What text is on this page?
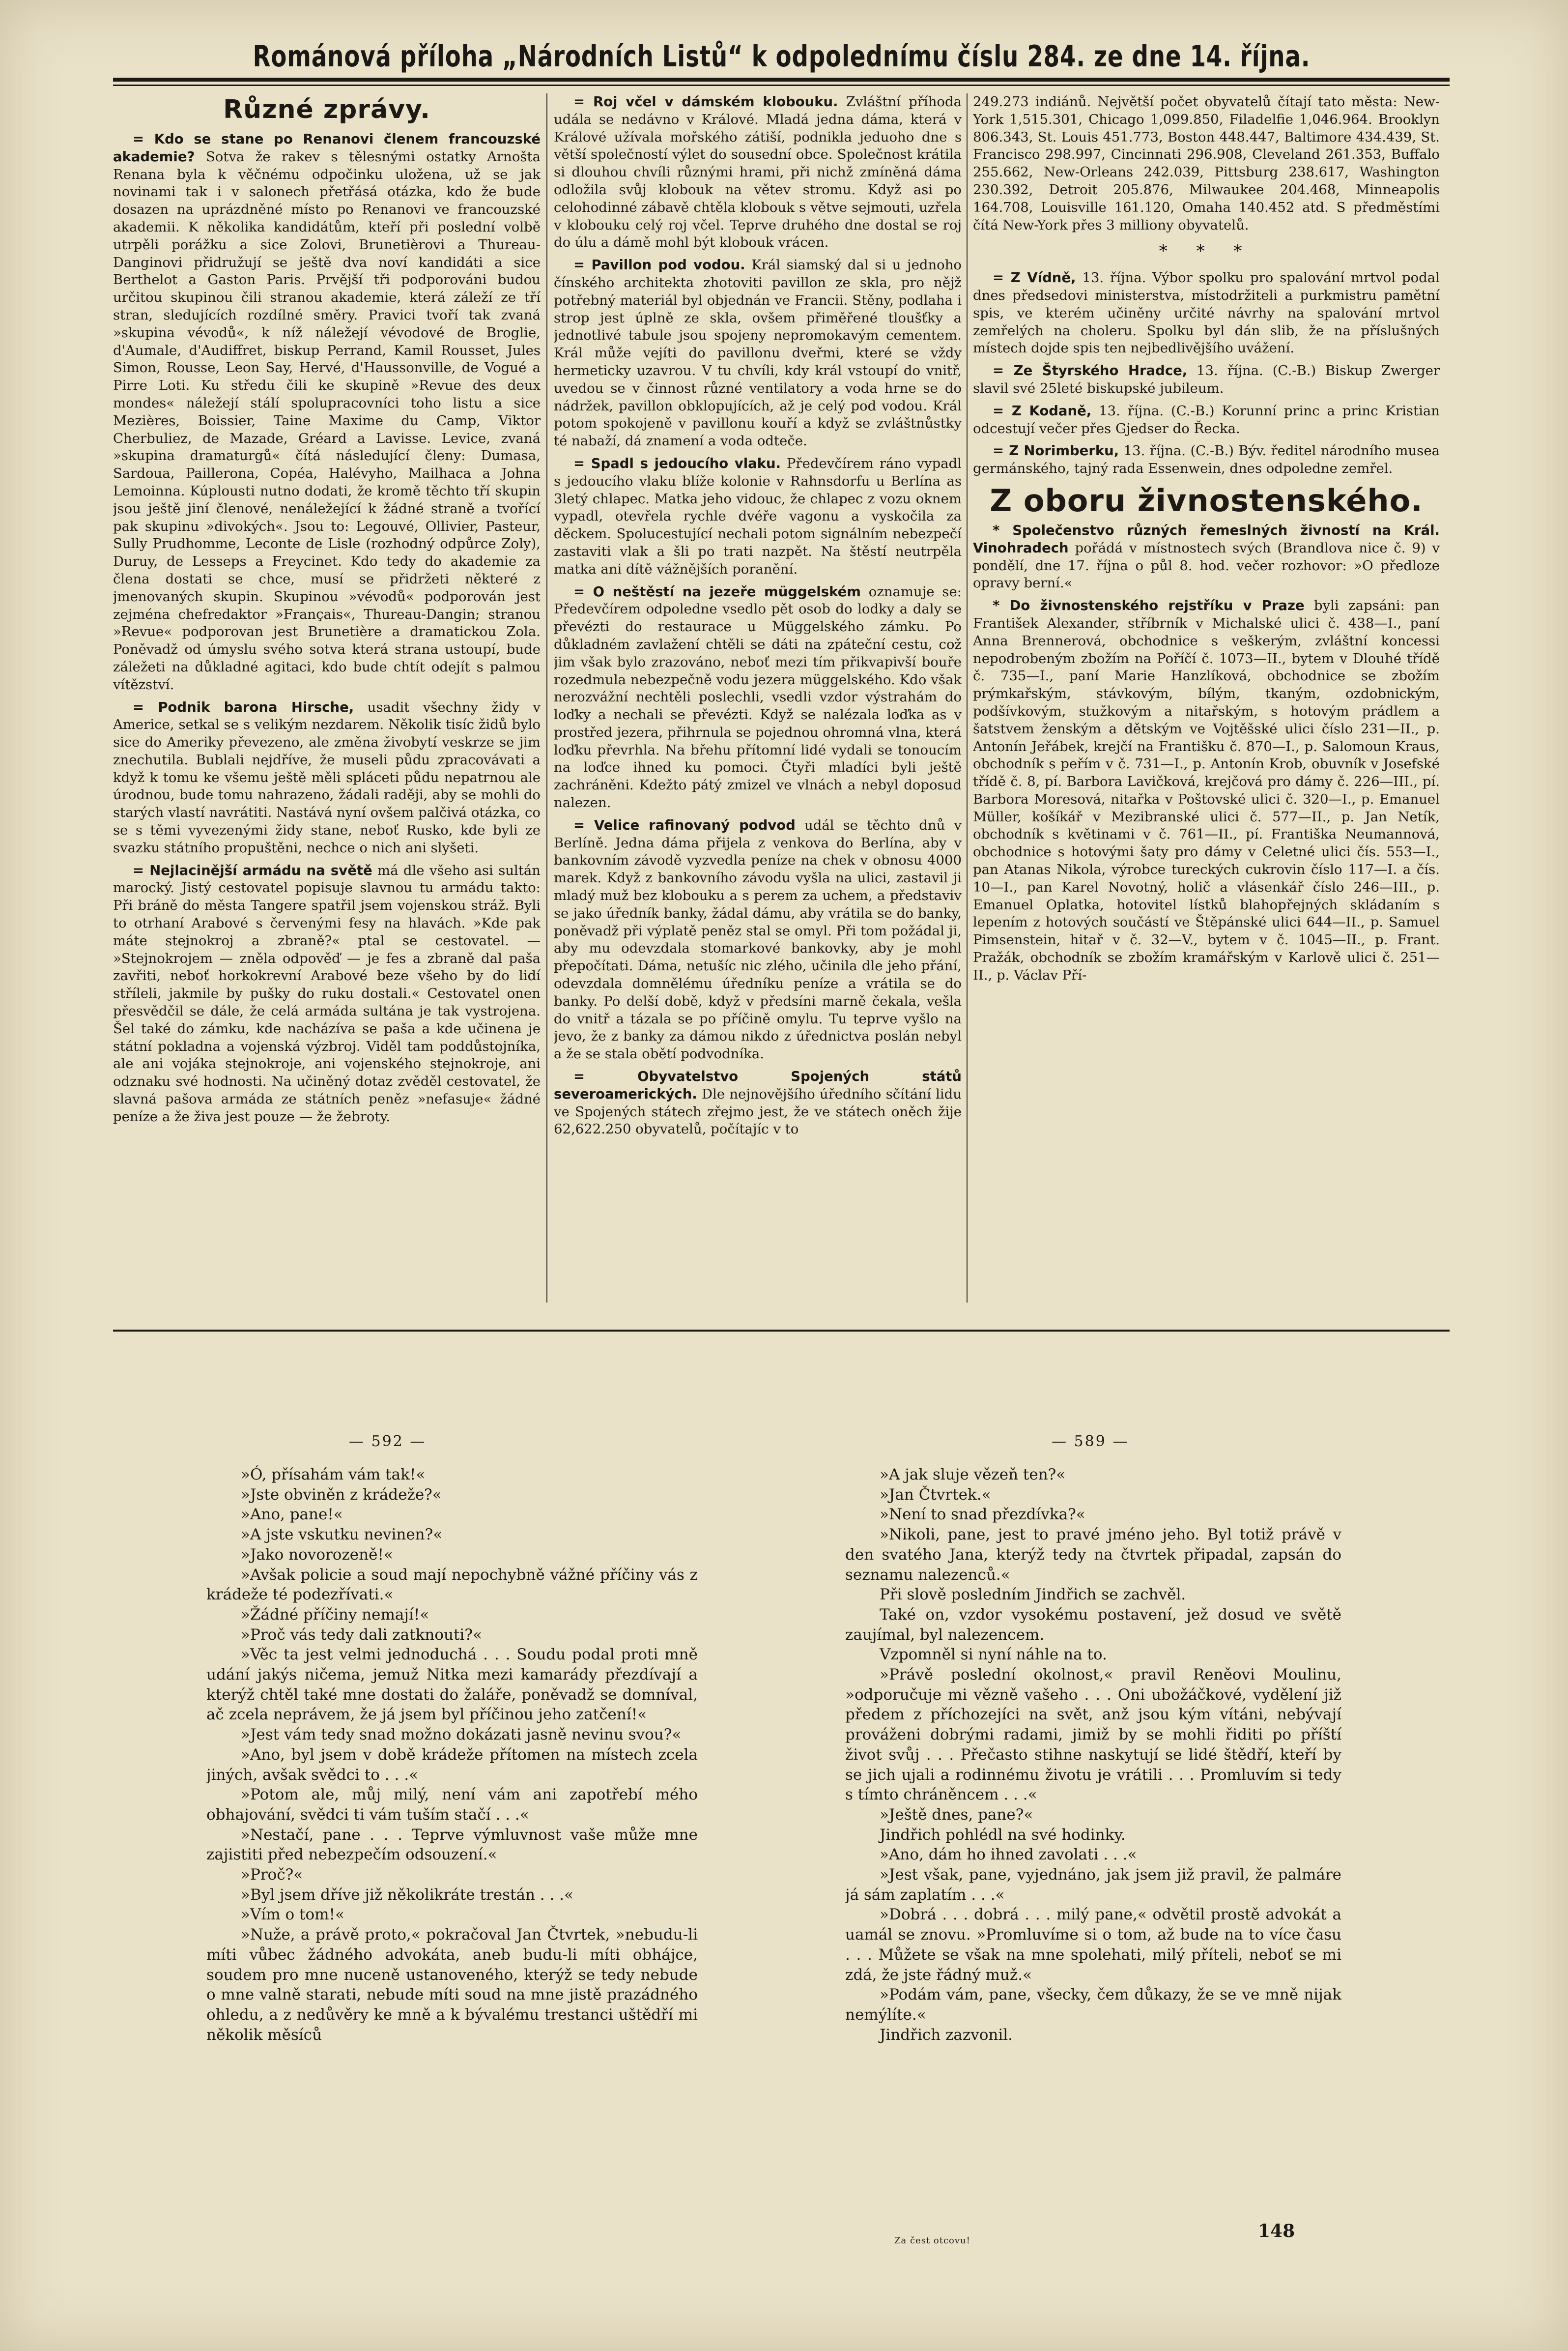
Románová příloha „Národních Listů“ k odpolednímu číslu 284. ze dne 14. října.
Různé zprávy.

= Kdo se stane po Renanovi členem francouzské akademie? Sotva že rakev s tělesnými ostatky Arnošta Renana byla k věčnému odpočinku uložena, už se jak novinami tak i v salonech přetřásá otázka, kdo že bude dosazen na uprázdněné místo po Renanovi ve francouzské akademii. K několika kandidátům, kteří při poslední volbě utrpěli porážku a sice Zolovi, Brunetièrovi a Thureau-Danginovi přidružují se ještě dva noví kandidáti a sice Berthelot a Gaston Paris. Prvější tři podporováni budou určitou skupinou čili stranou akademie, která záleží ze tří stran, sledujících rozdílné směry. Pravici tvoří tak zvaná »skupina vévodů«, k níž náležejí vévodové de Broglie, d'Aumale, d'Audiffret, biskup Perrand, Kamil Rousset, Jules Simon, Rousse, Leon Say, Hervé, d'Haussonville, de Vogué a Pirre Loti. Ku středu čili ke skupině »Revue des deux mondes« náležejí stálí spolupracovníci toho listu a sice Mezières, Boissier, Taine Maxime du Camp, Viktor Cherbuliez, de Mazade, Gréard a Lavisse. Levice, zvaná »skupina dramaturgů« čítá následující členy: Dumasa, Sardoua, Paillerona, Copéa, Halévyho, Mailhaca a Johna Lemoinna. Kúplousti nutno dodati, že kromě těchto tří skupin jsou ještě jiní členové, nenáležející k žádné straně a tvořící pak skupinu »divokých«. Jsou to: Legouvé, Ollivier, Pasteur, Sully Prudhomme, Leconte de Lisle (rozhodný odpůrce Zoly), Duruy, de Lesseps a Freycinet. Kdo tedy do akademie za člena dostati se chce, musí se přidržeti některé z jmenovaných skupin. Skupinou »vévodů« podporován jest zejména chefredaktor »Français«, Thureau-Dangin; stranou »Revue« podporovan jest Brunetière a dramatickou Zola. Poněvadž od úmyslu svého sotva která strana ustoupí, bude záležeti na důkladné agitaci, kdo bude chtít odejít s palmou vítězství.

= Podnik barona Hirsche, usadit všechny židy v Americe, setkal se s velikým nezdarem. Několik tisíc židů bylo sice do Ameriky převezeno, ale změna živobytí veskrze se jim znechutila. Bublali nejdříve, že museli půdu zpracovávati a když k tomu ke všemu ještě měli spláceti půdu nepatrnou ale úrodnou, bude tomu nahrazeno, žádali raději, aby se mohli do starých vlastí navrátiti. Nastává nyní ovšem palčivá otázka, co se s těmi vyvezenými židy stane, neboť Rusko, kde byli ze svazku státního propuštěni, nechce o nich ani slyšeti.

= Nejlacinější armádu na světě má dle všeho asi sultán marocký. Jistý cestovatel popisuje slavnou tu armádu takto: Při bráně do města Tangere spatřil jsem vojenskou stráž. Byli to otrhaní Arabové s červenými fesy na hlavách. »Kde pak máte stejnokroj a zbraně?« ptal se cestovatel. — »Stejnokrojem — zněla odpověď — je fes a zbraně dal paša zavřiti, neboť horkokrevní Arabové beze všeho by do lidí stříleli, jakmile by pušky do ruku dostali.« Cestovatel onen přesvědčil se dále, že celá armáda sultána je tak vystrojena. Šel také do zámku, kde nacházíva se paša a kde učinena je státní pokladna a vojenská výzbroj. Viděl tam poddůstojníka, ale ani vojáka stejnokroje, ani vojenského stejnokroje, ani odznaku své hodnosti. Na učiněný dotaz zvěděl cestovatel, že slavná pašova armáda ze státních peněz »nefasuje« žádné peníze a že živa jest pouze — že žebroty.

= Roj včel v dámském klobouku. Zvláštní příhoda udála se nedávno v Králové. Mladá jedna dáma, která v Králové užívala mořského zátiší, podnikla jeduoho dne s větší společností výlet do sousední obce. Společnost krátila si dlouhou chvíli různými hrami, při nichž zmíněná dáma odložila svůj klobouk na větev stromu. Když asi po celohodinné zábavě chtěla klobouk s větve sejmouti, uzřela v klobouku celý roj včel. Teprve druhého dne dostal se roj do úlu a dámě mohl být klobouk vrácen.

= Pavillon pod vodou. Král siamský dal si u jednoho čínského architekta zhotoviti pavillon ze skla, pro nějž potřebný materiál byl objednán ve Francii. Stěny, podlaha i strop jest úplně ze skla, ovšem přiměřené tloušťky a jednotlivé tabule jsou spojeny nepromokavým cementem. Král může vejíti do pavillonu dveřmi, které se vždy hermeticky uzavrou. V tu chvíli, kdy král vstoupí do vnitř, uvedou se v činnost různé ventilatory a voda hrne se do nádržek, pavillon obklopujících, až je celý pod vodou. Král potom spokojeně v pavillonu kouří a když se zvláštnůstky té nabaží, dá znamení a voda odteče.

= Spadl s jedoucího vlaku. Předevčírem ráno vypadl s jedoucího vlaku blíže kolonie v Rahnsdorfu u Berlína as 3letý chlapec. Matka jeho vidouc, že chlapec z vozu oknem vypadl, otevřela rychle dvéře vagonu a vyskočila za děckem. Spolucestující nechali potom signálním nebezpečí zastaviti vlak a šli po trati nazpět. Na štěstí neutrpěla matka ani dítě vážnějších poranění.

= O neštěstí na jezeře müggelském oznamuje se: Předevčírem odpoledne vsedlo pět osob do lodky a daly se převézti do restaurace u Müggelského zámku. Po důkladném zavlažení chtěli se dáti na zpáteční cestu, což jim však bylo zrazováno, neboť mezi tím přikvapivší bouře rozedmula nebezpečně vodu jezera müggelského. Kdo však nerozvážní nechtěli poslechli, vsedli vzdor výstrahám do loďky a nechali se převézti. Když se nalézala loďka as v prostřed jezera, přihrnula se pojednou ohromná vlna, která loďku převrhla. Na břehu přítomní lidé vydali se tonoucím na loďce ihned ku pomoci. Čtyři mladíci byli ještě zachráněni. Kdežto pátý zmizel ve vlnách a nebyl doposud nalezen.

= Velice rafinovaný podvod udál se těchto dnů v Berlíně. Jedna dáma přijela z venkova do Berlína, aby v bankovním závodě vyzvedla peníze na chek v obnosu 4000 marek. Když z bankovního závodu vyšla na ulici, zastavil ji mladý muž bez klobouku a s perem za uchem, a představiv se jako úředník banky, žádal dámu, aby vrátila se do banky, poněvadž při výplatě peněz stal se omyl. Při tom požádal ji, aby mu odevzdala stomarkové bankovky, aby je mohl přepočítati. Dáma, netušíc nic zlého, učinila dle jeho přání, odevzdala domnělému úředníku peníze a vrátila se do banky. Po delší době, když v předsíni marně čekala, vešla do vnitř a tázala se po příčině omylu. Tu teprve vyšlo na jevo, že z banky za dámou nikdo z úřednictva poslán nebyl a že se stala obětí podvodníka.

= Obyvatelstvo Spojených států severoamerických. Dle nejnovějšího úředního sčítání lidu ve Spojených státech zřejmo jest, že ve státech oněch žije 62,622.250 obyvatelů, počítajíc v to

249.273 indiánů. Největší počet obyvatelů čítají tato města: New-York 1,515.301, Chicago 1,099.850, Filadelfie 1,046.964. Brooklyn 806.343, St. Louis 451.773, Boston 448.447, Baltimore 434.439, St. Francisco 298.997, Cincinnati 296.908, Cleveland 261.353, Buffalo 255.662, New-Orleans 242.039, Pittsburg 238.617, Washington 230.392, Detroit 205.876, Milwaukee 204.468, Minneapolis 164.708, Louisville 161.120, Omaha 140.452 atd. S předměstími čítá New-York přes 3 milliony obyvatelů.

* * *

= Z Vídně, 13. října. Výbor spolku pro spalování mrtvol podal dnes předsedovi ministerstva, místodržiteli a purkmistru pamětní spis, ve kterém učiněny určité návrhy na spalování mrtvol zemřelých na choleru. Spolku byl dán slib, že na příslušných místech dojde spis ten nejbedlivějšího uvážení.

= Ze Štyrského Hradce, 13. října. (C.-B.) Biskup Zwerger slavil své 25leté biskupské jubileum.

= Z Kodaně, 13. října. (C.-B.) Korunní princ a princ Kristian odcestují večer přes Gjedser do Řecka.

= Z Norimberku, 13. října. (C.-B.) Býv. ředitel národního musea germánského, tajný rada Essenwein, dnes odpoledne zemřel.

Z oboru živnostenského.

* Společenstvo různých řemeslných živností na Král. Vinohradech pořádá v místnostech svých (Brandlova nice č. 9) v pondělí, dne 17. října o půl 8. hod. večer rozhovor: »O předloze opravy berní.«

* Do živnostenského rejstříku v Praze byli zapsáni: pan František Alexander, stříbrník v Michalské ulici č. 438—I., paní Anna Brennerová, obchodnice s veškerým, zvláštní koncessi nepodrobeným zbožím na Poříčí č. 1073—II., bytem v Dlouhé třídě č. 735—I., paní Marie Hanzlíková, obchodnice se zbožím prýmkařským, stávkovým, bílým, tkaným, ozdobnickým, podšívkovým, stužkovým a nitařským, s hotovým prádlem a šatstvem ženským a dětským ve Vojtěšské ulici číslo 231—II., p. Antonín Jeřábek, krejčí na Františku č. 870—I., p. Salomoun Kraus, obchodník s peřím v č. 731—I., p. Antonín Krob, obuvník v Josefské třídě č. 8, pí. Barbora Lavičková, krejčová pro dámy č. 226—III., pí. Barbora Moresová, nitařka v Poštovské ulici č. 320—I., p. Emanuel Müller, košíkář v Mezibranské ulici č. 577—II., p. Jan Netík, obchodník s květinami v č. 761—II., pí. Františka Neumannová, obchodnice s hotovými šaty pro dámy v Celetné ulici čís. 553—I., pan Atanas Nikola, výrobce tureckých cukrovin číslo 117—I. a čís. 10—I., pan Karel Novotný, holič a vlásenkář číslo 246—III., p. Emanuel Oplatka, hotovitel lístků blahopřejných skládaním s lepením z hotových součástí ve Štěpánské ulici 644—II., p. Samuel Pimsenstein, hitař v č. 32—V., bytem v č. 1045—II., p. Frant. Pražák, obchodník se zbožím kramářským v Karlově ulici č. 251—II., p. Václav Pří-

— 592 —	— 589 —

»Ó, přísahám vám tak!«

»Jste obviněn z krádeže?«

»Ano, pane!«

»A jste vskutku nevinen?«

»Jako novorozeně!«

»Avšak policie a soud mají nepochybně vážné příčiny vás z krádeže té podezřívati.«

»Žádné příčiny nemají!«

»Proč vás tedy dali zatknouti?«

»Věc ta jest velmi jednoduchá . . . Soudu podal proti mně udání jakýs ničema, jemuž Nitka mezi kamarády přezdívají a kterýž chtěl také mne dostati do žaláře, poněvadž se domníval, ač zcela neprávem, že já jsem byl příčinou jeho zatčení!«

»Jest vám tedy snad možno dokázati jasně nevinu svou?«

»Ano, byl jsem v době krádeže přítomen na místech zcela jiných, avšak svědci to . . .«

»Potom ale, můj milý, není vám ani zapotřebí mého obhajování, svědci ti vám tuším stačí . . .«

»Nestačí, pane . . . Teprve výmluvnost vaše může mne zajistiti před nebezpečím odsouzení.«

»Proč?«

»Byl jsem dříve již několikráte trestán . . .«

»Vím o tom!«

»Nuže, a právě proto,« pokračoval Jan Čtvrtek, »nebudu-li míti vůbec žádného advokáta, aneb budu-li míti obhájce, soudem pro mne nuceně ustanoveného, kterýž se tedy nebude o mne valně starati, nebude míti soud na mne jistě prazádného ohledu, a z nedůvěry ke mně a k bývalému trestanci uštědří mi několik měsíců

»A jak sluje vězeň ten?«

»Jan Čtvrtek.«

»Není to snad přezdívka?«

»Nikoli, pane, jest to pravé jméno jeho. Byl totiž právě v den svatého Jana, kterýž tedy na čtvrtek připadal, zapsán do seznamu nalezenců.«

Při slově posledním Jindřich se zachvěl.

Také on, vzdor vysokému postavení, jež dosud ve světě zaujímal, byl nalezencem.

Vzpomněl si nyní náhle na to.

»Právě poslední okolnost,« pravil Reněovi Moulinu, »odporučuje mi vězně vašeho . . . Oni ubožáčkové, vydělení již předem z příchozejíci na svět, anž jsou kým vítáni, nebývají prováženi dobrými radami, jimiž by se mohli řiditi po příští život svůj . . . Přečasto stihne naskytují se lidé štědří, kteří by se jich ujali a rodinnému životu je vrátili . . . Promluvím si tedy s tímto chráněncem . . .«

»Ještě dnes, pane?«

Jindřich pohlédl na své hodinky.

»Ano, dám ho ihned zavolati . . .«

»Jest však, pane, vyjednáno, jak jsem již pravil, že palmáre já sám zaplatím . . .«

»Dobrá . . . dobrá . . . milý pane,« odvětil prostě advokát a uamál se znovu. »Promluvíme si o tom, až bude na to více času . . . Můžete se však na mne spolehati, milý příteli, neboť se mi zdá, že jste řádný muž.«

»Podám vám, pane, všecky, čem důkazy, že se ve mně nijak nemýlíte.«

Jindřich zazvonil.

Za čest otcovu!	148
